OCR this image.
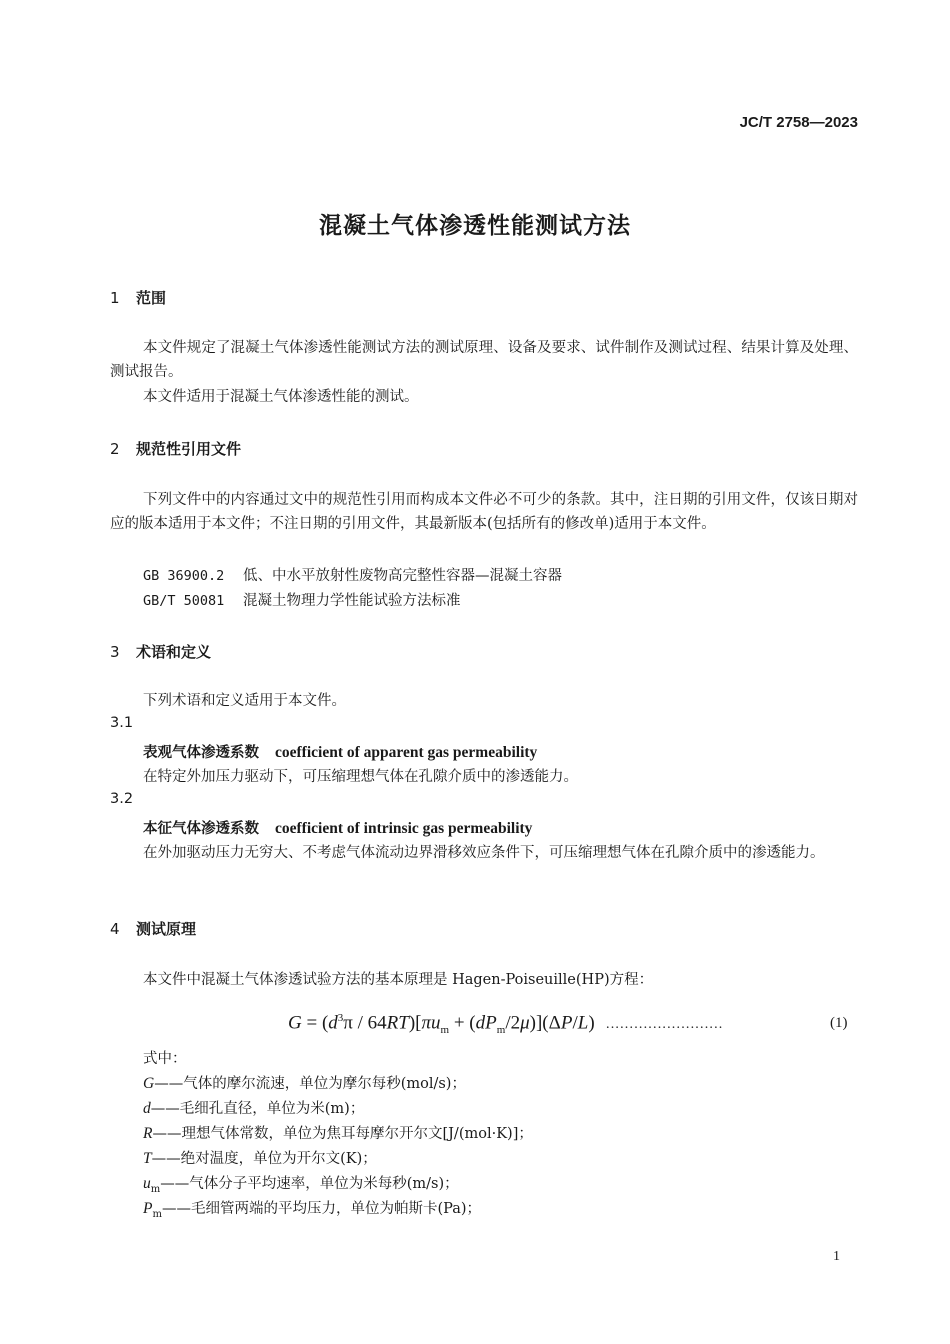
JC/T 2758—2023
混凝土气体渗透性能测试方法
1 范围
本文件规定了混凝土气体渗透性能测试方法的测试原理、设备及要求、试件制作及测试过程、结果计算及处理、测试报告。
本文件适用于混凝土气体渗透性能的测试。
2 规范性引用文件
下列文件中的内容通过文中的规范性引用而构成本文件必不可少的条款。其中，注日期的引用文件，仅该日期对应的版本适用于本文件；不注日期的引用文件，其最新版本(包括所有的修改单)适用于本文件。
GB 36900.2 低、中水平放射性废物高完整性容器—混凝土容器
GB/T 50081 混凝土物理力学性能试验方法标准
3 术语和定义
下列术语和定义适用于本文件。
3.1
表观气体渗透系数 coefficient of apparent gas permeability
在特定外加压力驱动下，可压缩理想气体在孔隙介质中的渗透能力。
3.2
本征气体渗透系数 coefficient of intrinsic gas permeability
在外加驱动压力无穷大、不考虑气体流动边界滑移效应条件下，可压缩理想气体在孔隙介质中的渗透能力。
4 测试原理
本文件中混凝土气体渗透试验方法的基本原理是 Hagen-Poiseuille(HP)方程：
$G = (d^3\pi / 64RT)[\pi u_m + (dP_m/2\mu)](\Delta P/L)$ .........................	(1)
式中：
G——气体的摩尔流速，单位为摩尔每秒(mol/s)；
d——毛细孔直径，单位为米(m)；
R——理想气体常数，单位为焦耳每摩尔开尔文[J/(mol·K)]；
T——绝对温度，单位为开尔文(K)；
$u_m——$气体分子平均速率，单位为米每秒(m/s)；
$P_m——$毛细管两端的平均压力，单位为帕斯卡(Pa)；
1
